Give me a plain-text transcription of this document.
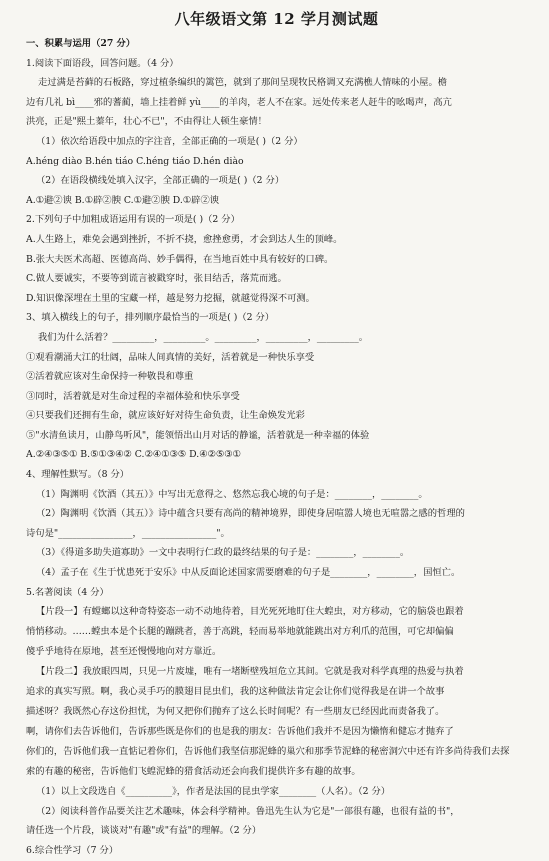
八年级语文第 12 学月测试题
一、积累与运用（27 分）
1.阅读下面语段，回答问题。（4 分）
走过满是苔藓的石板路，穿过植条编织的篱笆，就到了那间呈现牧民格调又充满樵人情味的小屋。檐
边有几礼 bì____邪的蓍蔺，墙上挂着鲜 yù____的羊肉，老人不在家。远处传来老人赶牛的吆喝声，高亢
洪亮，正是"熙土蓁年，壮心不已"，不由得让人顿生豪情！
（1）依次给语段中加点的字注音，全部正确的一项是( )（2 分）
A.héng diào B.hén tiáo C.héng tiáo D.hén diào
（2）在语段横线处填入汉字，全部正确的一项是( )（2 分）
A.①避②谀 B.①辟②腴 C.①避②腴 D.①辟②谀
2.下列句子中加粗成语运用有误的一项是( )（2 分）
A.人生路上，难免会遇到挫折，不折不挠，愈挫愈勇，才会到达人生的顶峰。
B.张大夫医术高超、医德高尚、妙手偶得，在当地百姓中具有较好的口碑。
C.做人要诚实，不要等到谎言被戳穿时，张目结舌，落荒而逃。
D.知识像深埋在土里的宝藏一样，越是努力挖掘，就越觉得深不可测。
3、填入横线上的句子，排列顺序最恰当的一项是( )（2 分）
我们为什么活着？_________，_________。_________，_________，_________。
①观看潮涌大江的壮阔，品味人间真情的美好，活着就是一种快乐享受
②活着就应该对生命保持一种敬畏和尊重
③同时，活着就是对生命过程的幸福体验和快乐享受
④只要我们还拥有生命，就应该好好对待生命负责，让生命焕发光彩
⑤"水清鱼读月，山静鸟听风"，能领悟出山月对话的静谧，活着就是一种幸福的体验
A.②④③⑤① B.⑤①③④② C.②④①③⑤ D.④②⑤③①
4、理解性默写。（8 分）
（1）陶渊明《饮酒（其五）》中写出无意得之、悠然忘我心境的句子是：________，________。
（2）陶渊明《饮酒（其五）》诗中蕴含只要有高尚的精神境界，即使身居喧嚣人境也无喧嚣之感的哲理的
诗句是"________________，________________"。
（3）《得道多助失道寡助》一文中表明行仁政的最终结果的句子是：________，________。
（4）孟子在《生于忧患死于安乐》中从反面论述国家需要磨难的句子是________，________，国恒亡。
5.名著阅读（4 分）
【片段一】有螳螂以这种奇特姿态一动不动地待着，目光死死地盯住大蝗虫，对方移动，它的脑袋也跟着
悄悄移动。……螳虫本是个长腿的蹦跳者，善于高跳，轻而易举地就能跳出对方利爪的范围，可它却偏偏
傻乎乎地待在原地，甚至还慢慢地向对方靠近。
【片段二】我放眼四周，只见一片废墟，唯有一堵断壁残垣危立其间。它就是我对科学真理的热爱与执着
追求的真实写照。啊，我心灵手巧的膜翅目昆虫们，我的这种做法肯定会让你们觉得我是在讲一个故事
描述呀？我既然心存这份担忧，为何又把你们抛弃了这么长时间呢？有一些朋友已经因此而责备我了。
啊，请你们去告诉他们，告诉那些既是你们的也是我的朋友：告诉他们我并不是因为懒惰和健忘才抛弃了
你们的，告诉他们我一直惦记着你们，告诉他们我坚信那泥蜂的巢穴和那季节泥蜂的秘密洞穴中还有许多尚待我们去探
索的有趣的秘密，告诉他们飞蝗泥蜂的猎食活动还会向我们提供许多有趣的故事。
（1）以上文段选自《__________》，作者是法国的昆虫学家________（人名）。（2 分）
（2）阅读科普作品要关注艺术趣味，体会科学精神。鲁迅先生认为它是"一部很有趣，也很有益的书"，
请任选一个片段，谈谈对"有趣"或"有益"的理解。（2 分）
6.综合性学习（7 分）
